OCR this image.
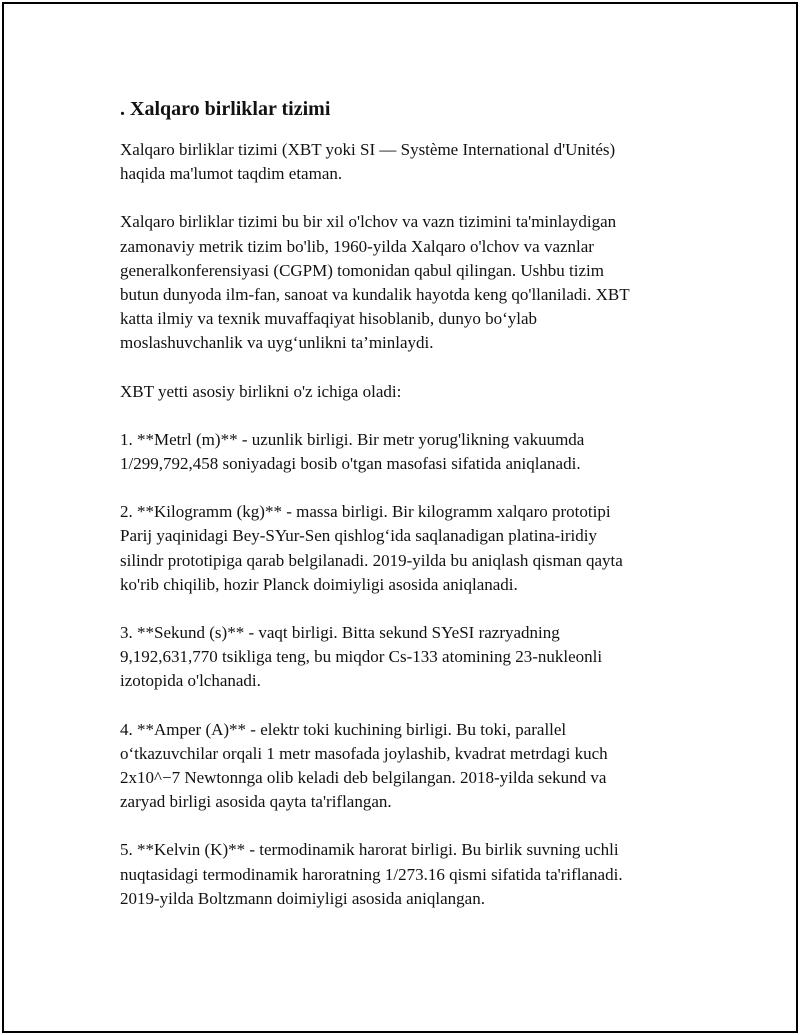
. Xalqaro birliklar tizimi
Xalqaro birliklar tizimi (XBT yoki SI — Système International d'Unités)
haqida ma'lumot taqdim etaman.
Xalqaro birliklar tizimi bu bir xil o'lchov va vazn tizimini ta'minlaydigan
zamonaviy metrik tizim bo'lib, 1960-yilda Xalqaro o'lchov va vaznlar
generalkonferensiyasi (CGPM) tomonidan qabul qilingan. Ushbu tizim
butun dunyoda ilm-fan, sanoat va kundalik hayotda keng qo'llaniladi. XBT
katta ilmiy va texnik muvaffaqiyat hisoblanib, dunyo bo‘ylab
moslashuvchanlik va uyg‘unlikni ta’minlaydi.
XBT yetti asosiy birlikni o'z ichiga oladi:
1. **Metrl (m)** - uzunlik birligi. Bir metr yorug'likning vakuumda
1/299,792,458 soniyadagi bosib o'tgan masofasi sifatida aniqlanadi.
2. **Kilogramm (kg)** - massa birligi. Bir kilogramm xalqaro prototipi
Parij yaqinidagi Bey-SYur-Sen qishlog‘ida saqlanadigan platina-iridiy
silindr prototipiga qarab belgilanadi. 2019-yilda bu aniqlash qisman qayta
ko'rib chiqilib, hozir Planck doimiyligi asosida aniqlanadi.
3. **Sekund (s)** - vaqt birligi. Bitta sekund SYeSI razryadning
9,192,631,770 tsikliga teng, bu miqdor Cs-133 atomining 23-nukleonli
izotopida o'lchanadi.
4. **Amper (A)** - elektr toki kuchining birligi. Bu toki, parallel
o‘tkazuvchilar orqali 1 metr masofada joylashib, kvadrat metrdagi kuch
2x10^−7 Newtonnga olib keladi deb belgilangan. 2018-yilda sekund va
zaryad birligi asosida qayta ta'riflangan.
5. **Kelvin (K)** - termodinamik harorat birligi. Bu birlik suvning uchli
nuqtasidagi termodinamik haroratning 1/273.16 qismi sifatida ta'riflanadi.
2019-yilda Boltzmann doimiyligi asosida aniqlangan.
